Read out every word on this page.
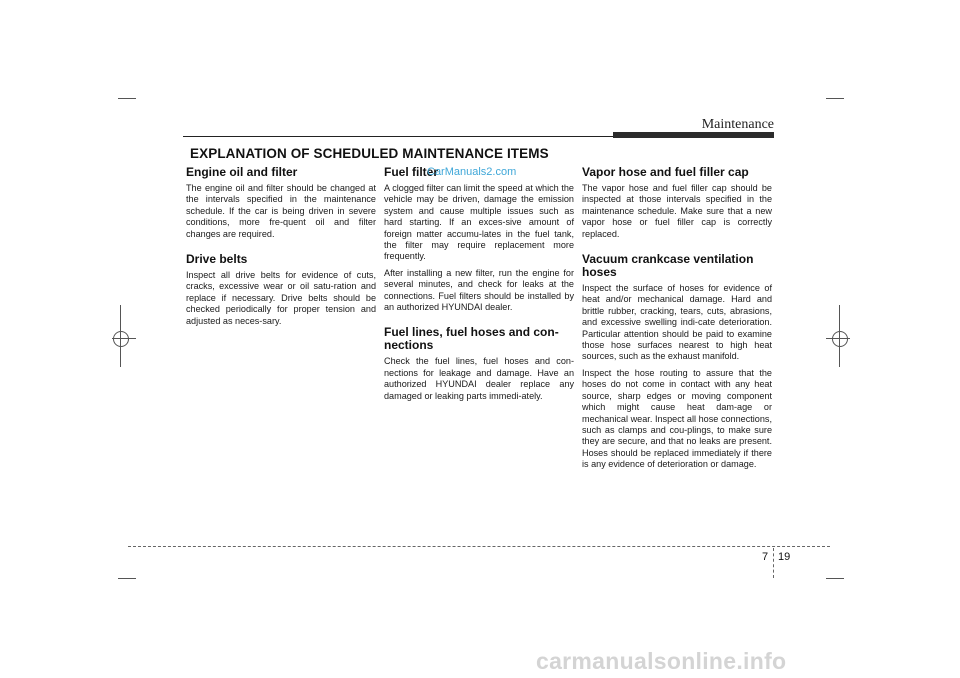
Maintenance
EXPLANATION OF SCHEDULED MAINTENANCE ITEMS
Engine oil and filter

The engine oil and filter should be changed at the intervals specified in the maintenance schedule. If the car is being driven in severe conditions, more fre-quent oil and filter changes are required.

Drive belts

Inspect all drive belts for evidence of cuts, cracks, excessive wear or oil satu-ration and replace if necessary. Drive belts should be checked periodically for proper tension and adjusted as neces-sary.

Fuel filter

A clogged filter can limit the speed at which the vehicle may be driven, damage the emission system and cause multiple issues such as hard starting. If an exces-sive amount of foreign matter accumu-lates in the fuel tank, the filter may require replacement more frequently.

After installing a new filter, run the engine for several minutes, and check for leaks at the connections. Fuel filters should be installed by an authorized HYUNDAI dealer.

Fuel lines, fuel hoses and con-nections

Check the fuel lines, fuel hoses and con-nections for leakage and damage. Have an authorized HYUNDAI dealer replace any damaged or leaking parts immedi-ately.

Vapor hose and fuel filler cap

The vapor hose and fuel filler cap should be inspected at those intervals specified in the maintenance schedule. Make sure that a new vapor hose or fuel filler cap is correctly replaced.

Vacuum crankcase ventilation hoses

Inspect the surface of hoses for evidence of heat and/or mechanical damage. Hard and brittle rubber, cracking, tears, cuts, abrasions, and excessive swelling indi-cate deterioration. Particular attention should be paid to examine those hose surfaces nearest to high heat sources, such as the exhaust manifold.

Inspect the hose routing to assure that the hoses do not come in contact with any heat source, sharp edges or moving component which might cause heat dam-age or mechanical wear. Inspect all hose connections, such as clamps and cou-plings, to make sure they are secure, and that no leaks are present. Hoses should be replaced immediately if there is any evidence of deterioration or damage.

CarManuals2.com
7 19
carmanualsonline.info
